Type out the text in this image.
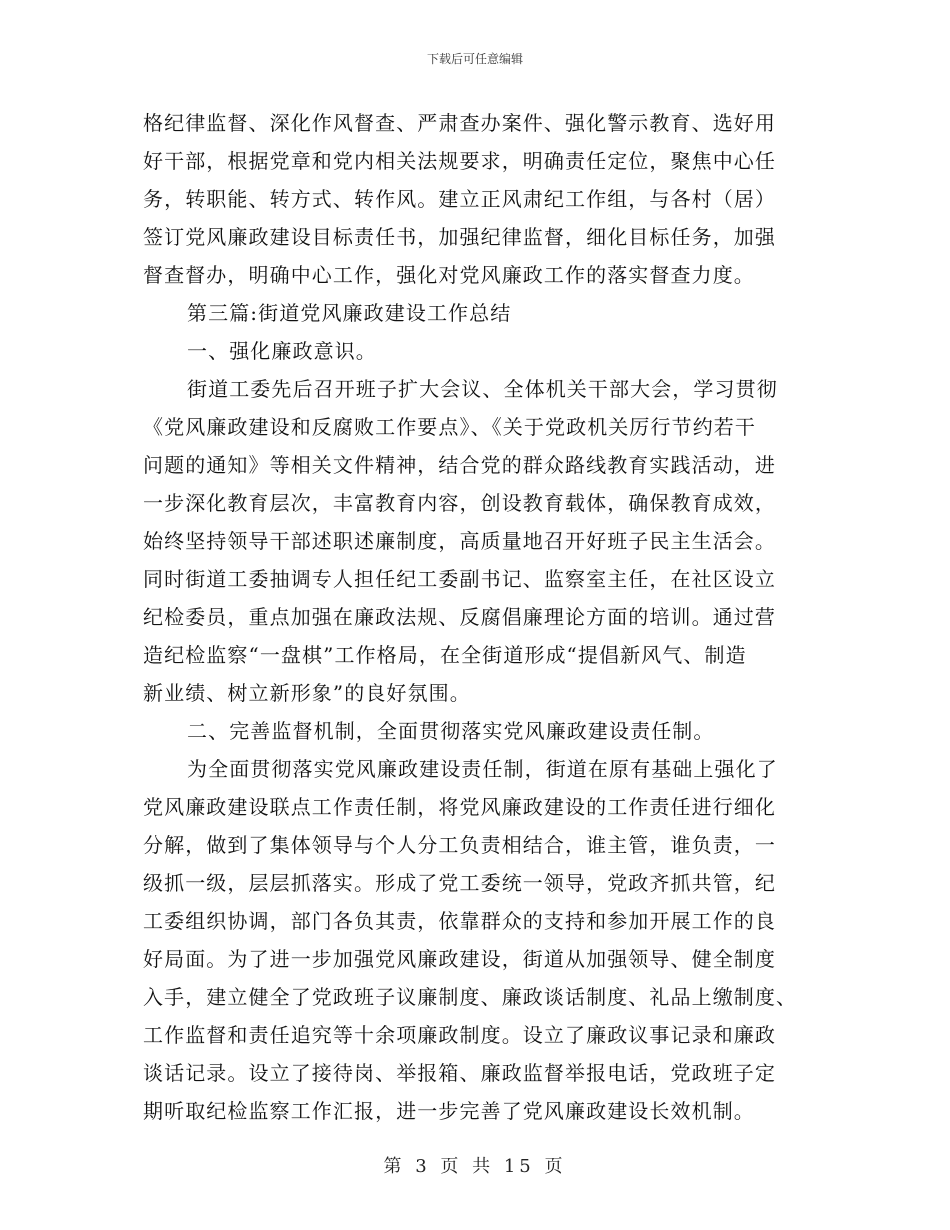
下载后可任意编辑
格纪律监督、深化作风督查、严肃查办案件、强化警示教育、选好用
好干部，根据党章和党内相关法规要求，明确责任定位，聚焦中心任
务，转职能、转方式、转作风。建立正风肃纪工作组，与各村（居）
签订党风廉政建设目标责任书，加强纪律监督，细化目标任务，加强
督查督办，明确中心工作，强化对党风廉政工作的落实督查力度。
第三篇:街道党风廉政建设工作总结
一、强化廉政意识。
街道工委先后召开班子扩大会议、全体机关干部大会，学习贯彻
《党风廉政建设和反腐败工作要点》、《关于党政机关厉行节约若干
问题的通知》等相关文件精神，结合党的群众路线教育实践活动，进
一步深化教育层次，丰富教育内容，创设教育载体，确保教育成效，
始终坚持领导干部述职述廉制度，高质量地召开好班子民主生活会。
同时街道工委抽调专人担任纪工委副书记、监察室主任，在社区设立
纪检委员，重点加强在廉政法规、反腐倡廉理论方面的培训。通过营
造纪检监察“一盘棋”工作格局，在全街道形成“提倡新风气、制造
新业绩、树立新形象”的良好氛围。
二、完善监督机制，全面贯彻落实党风廉政建设责任制。
为全面贯彻落实党风廉政建设责任制，街道在原有基础上强化了
党风廉政建设联点工作责任制，将党风廉政建设的工作责任进行细化
分解，做到了集体领导与个人分工负责相结合，谁主管，谁负责，一
级抓一级，层层抓落实。形成了党工委统一领导，党政齐抓共管，纪
工委组织协调，部门各负其责，依靠群众的支持和参加开展工作的良
好局面。为了进一步加强党风廉政建设，街道从加强领导、健全制度
入手，建立健全了党政班子议廉制度、廉政谈话制度、礼品上缴制度、
工作监督和责任追究等十余项廉政制度。设立了廉政议事记录和廉政
谈话记录。设立了接待岗、举报箱、廉政监督举报电话，党政班子定
期听取纪检监察工作汇报，进一步完善了党风廉政建设长效机制。
第 3 页 共 15 页
